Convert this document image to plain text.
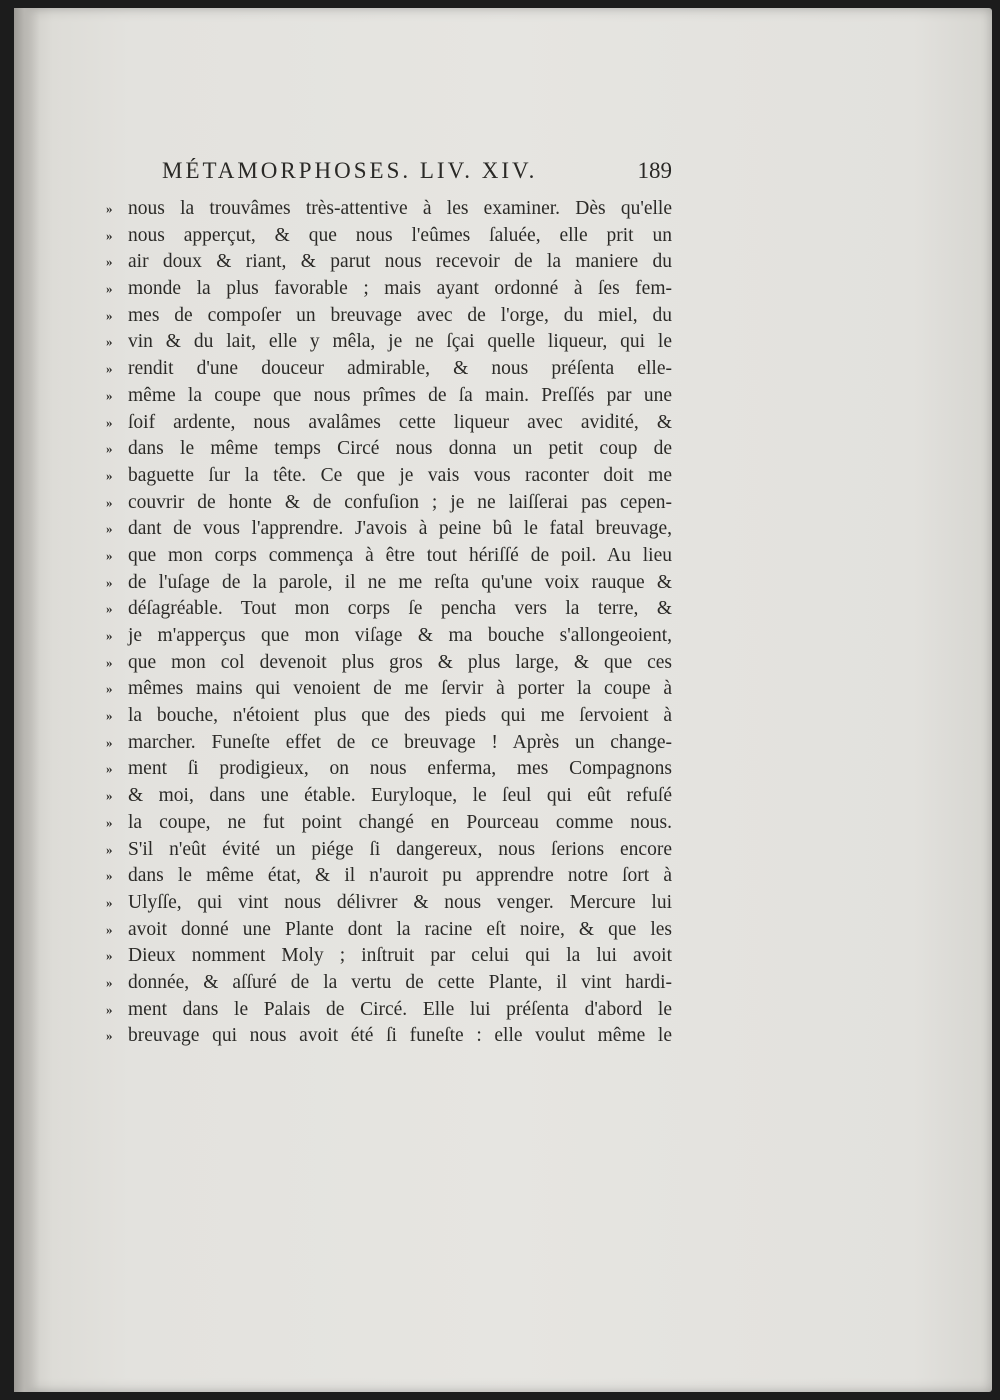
MÉTAMORPHOSES. LIV. XIV.	189
» nous la trouvâmes très-attentive à les examiner. Dès qu'elle
» nous apperçut, & que nous l'eûmes ſaluée, elle prit un
» air doux & riant, & parut nous recevoir de la maniere du
» monde la plus favorable ; mais ayant ordonné à ſes fem-
» mes de compoſer un breuvage avec de l'orge, du miel, du
» vin & du lait, elle y mêla, je ne ſçai quelle liqueur, qui le
» rendit d'une douceur admirable, & nous préſenta elle-
» même la coupe que nous prîmes de ſa main. Preſſés par une
» ſoif ardente, nous avalâmes cette liqueur avec avidité, &
» dans le même temps Circé nous donna un petit coup de
» baguette ſur la tête. Ce que je vais vous raconter doit me
» couvrir de honte & de confuſion ; je ne laiſſerai pas cepen-
» dant de vous l'apprendre. J'avois à peine bû le fatal breuvage,
» que mon corps commença à être tout hériſſé de poil. Au lieu
» de l'uſage de la parole, il ne me reſta qu'une voix rauque &
» déſagréable. Tout mon corps ſe pencha vers la terre, &
» je m'apperçus que mon viſage & ma bouche s'allongeoient,
» que mon col devenoit plus gros & plus large, & que ces
» mêmes mains qui venoient de me ſervir à porter la coupe à
» la bouche, n'étoient plus que des pieds qui me ſervoient à
» marcher. Funeſte effet de ce breuvage ! Après un change-
» ment ſi prodigieux, on nous enferma, mes Compagnons
» & moi, dans une étable. Euryloque, le ſeul qui eût refuſé
» la coupe, ne fut point changé en Pourceau comme nous.
» S'il n'eût évité un piége ſi dangereux, nous ſerions encore
» dans le même état, & il n'auroit pu apprendre notre ſort à
» Ulyſſe, qui vint nous délivrer & nous venger. Mercure lui
» avoit donné une Plante dont la racine eſt noire, & que les
» Dieux nomment Moly ; inſtruit par celui qui la lui avoit
» donnée, & aſſuré de la vertu de cette Plante, il vint hardi-
» ment dans le Palais de Circé. Elle lui préſenta d'abord le
» breuvage qui nous avoit été ſi funeſte : elle voulut même le
